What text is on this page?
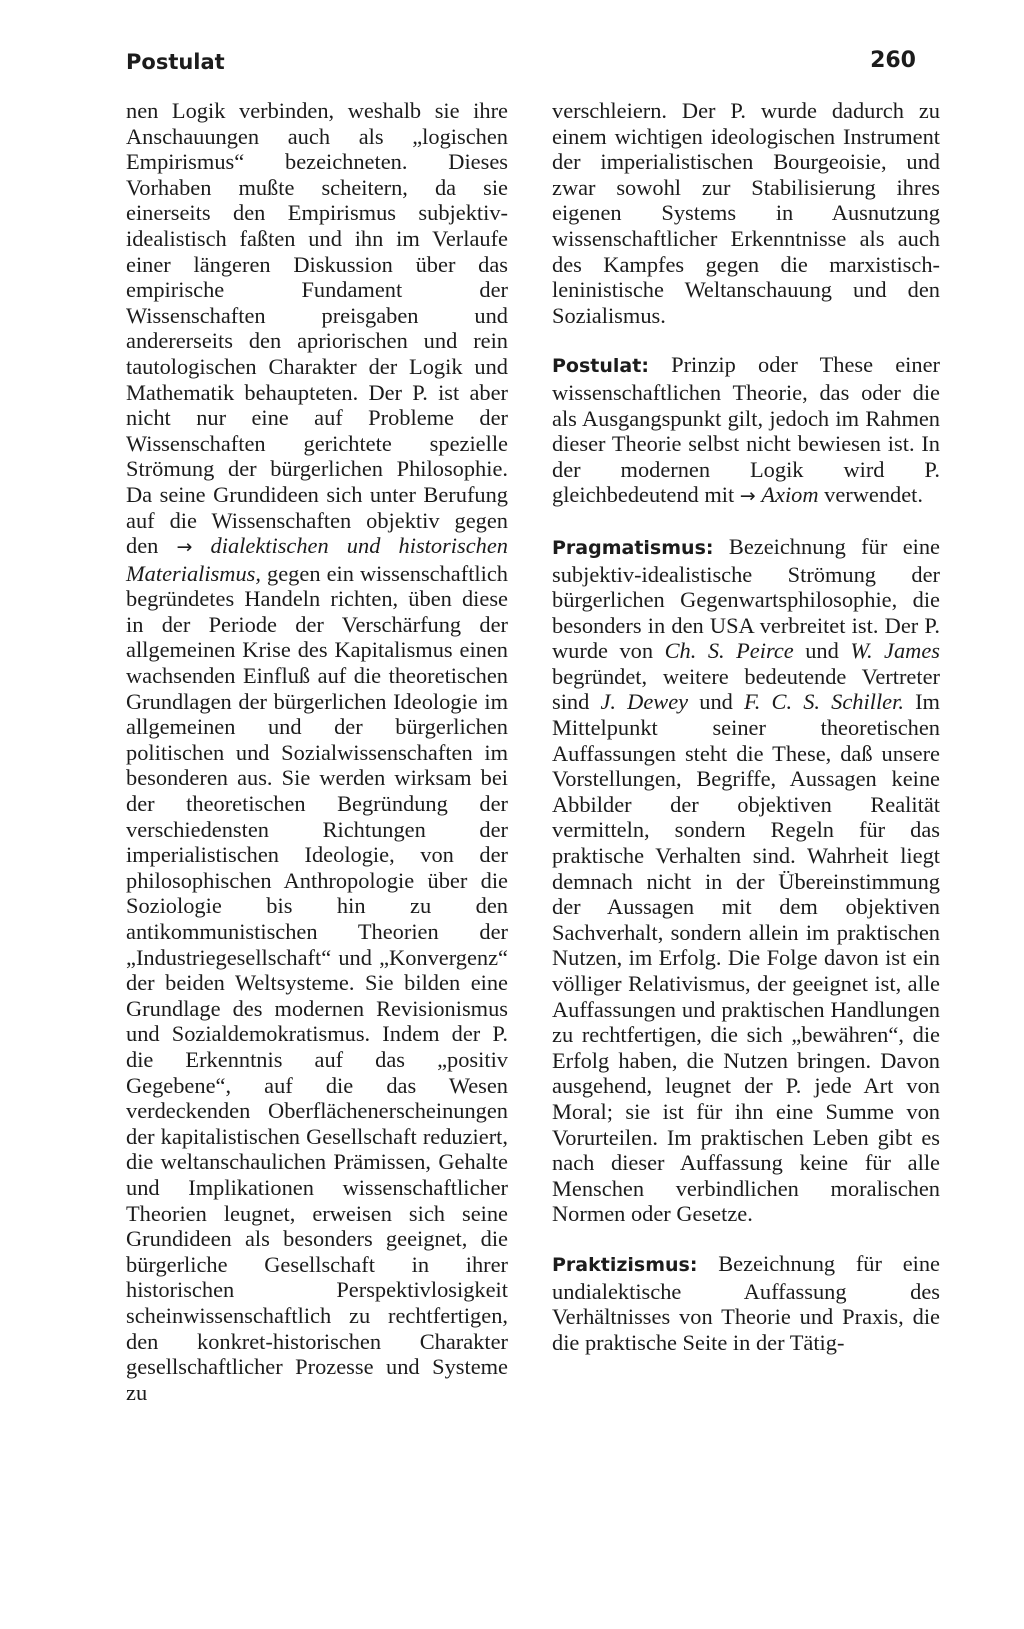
Postulat	260

nen Logik verbinden, weshalb sie ihre Anschauungen auch als „logischen Empirismus“ bezeichneten. Dieses Vorhaben mußte scheitern, da sie einerseits den Empirismus subjektiv-idealistisch faßten und ihn im Verlaufe einer längeren Diskussion über das empirische Fundament der Wissenschaften preisgaben und andererseits den apriorischen und rein tautologischen Charakter der Logik und Mathematik behaupteten. Der P. ist aber nicht nur eine auf Probleme der Wissenschaften gerichtete spezielle Strömung der bürgerlichen Philosophie. Da seine Grundideen sich unter Berufung auf die Wissenschaften objektiv gegen den → dialektischen und historischen Materialismus, gegen ein wissenschaftlich begründetes Handeln richten, üben diese in der Periode der Verschärfung der allgemeinen Krise des Kapitalismus einen wachsenden Einfluß auf die theoretischen Grundlagen der bürgerlichen Ideologie im allgemeinen und der bürgerlichen politischen und Sozialwissenschaften im besonderen aus. Sie werden wirksam bei der theoretischen Begründung der verschiedensten Richtungen der imperialistischen Ideologie, von der philosophischen Anthropologie über die Soziologie bis hin zu den antikommunistischen Theorien der „Industriegesellschaft“ und „Konvergenz“ der beiden Weltsysteme. Sie bilden eine Grundlage des modernen Revisionismus und Sozialdemokratismus. Indem der P. die Erkenntnis auf das „positiv Gegebene“, auf die das Wesen verdeckenden Oberflächenerscheinungen der kapitalistischen Gesellschaft reduziert, die weltanschaulichen Prämissen, Gehalte und Implikationen wissenschaftlicher Theorien leugnet, erweisen sich seine Grundideen als besonders geeignet, die bürgerliche Gesellschaft in ihrer historischen Perspektivlosigkeit scheinwissenschaftlich zu rechtfertigen, den konkret-historischen Charakter gesellschaftlicher Prozesse und Systeme zu

verschleiern. Der P. wurde dadurch zu einem wichtigen ideologischen Instrument der imperialistischen Bourgeoisie, und zwar sowohl zur Stabilisierung ihres eigenen Systems in Ausnutzung wissenschaftlicher Erkenntnisse als auch des Kampfes gegen die marxistisch-leninistische Weltanschauung und den Sozialismus.

Postulat: Prinzip oder These einer wissenschaftlichen Theorie, das oder die als Ausgangspunkt gilt, jedoch im Rahmen dieser Theorie selbst nicht bewiesen ist. In der modernen Logik wird P. gleichbedeutend mit → Axiom verwendet.

Pragmatismus: Bezeichnung für eine subjektiv-idealistische Strömung der bürgerlichen Gegenwartsphilosophie, die besonders in den USA verbreitet ist. Der P. wurde von Ch. S. Peirce und W. James begründet, weitere bedeutende Vertreter sind J. Dewey und F. C. S. Schiller. Im Mittelpunkt seiner theoretischen Auffassungen steht die These, daß unsere Vorstellungen, Begriffe, Aussagen keine Abbilder der objektiven Realität vermitteln, sondern Regeln für das praktische Verhalten sind. Wahrheit liegt demnach nicht in der Übereinstimmung der Aussagen mit dem objektiven Sachverhalt, sondern allein im praktischen Nutzen, im Erfolg. Die Folge davon ist ein völliger Relativismus, der geeignet ist, alle Auffassungen und praktischen Handlungen zu rechtfertigen, die sich „bewähren“, die Erfolg haben, die Nutzen bringen. Davon ausgehend, leugnet der P. jede Art von Moral; sie ist für ihn eine Summe von Vorurteilen. Im praktischen Leben gibt es nach dieser Auffassung keine für alle Menschen verbindlichen moralischen Normen oder Gesetze.

Praktizismus: Bezeichnung für eine undialektische Auffassung des Verhältnisses von Theorie und Praxis, die die praktische Seite in der Tätig-
